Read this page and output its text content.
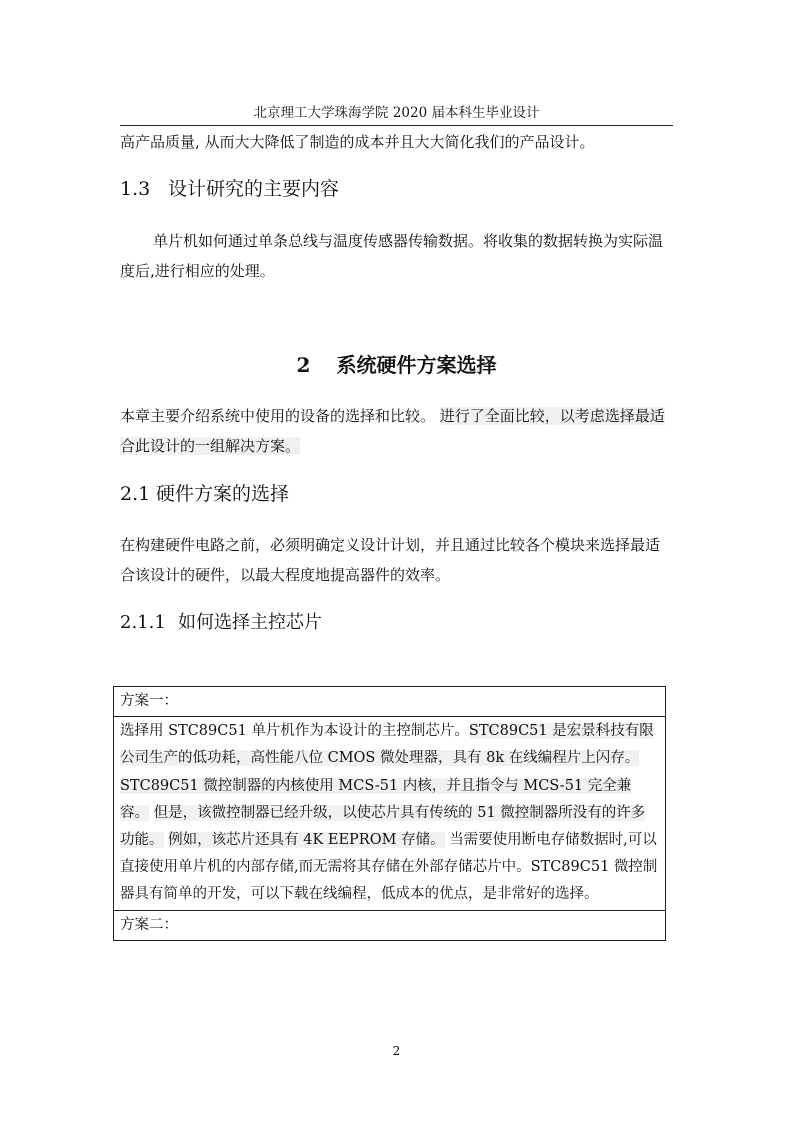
北京理工大学珠海学院 2020 届本科生毕业设计

高产品质量, 从而大大降低了制造的成本并且大大简化我们的产品设计。

1.3 设计研究的主要内容

单片机如何通过单条总线与温度传感器传输数据。将收集的数据转换为实际温度后,进行相应的处理。

2 系统硬件方案选择

本章主要介绍系统中使用的设备的选择和比较。 进行了全面比较，以考虑选择最适合此设计的一组解决方案。

2.1 硬件方案的选择

在构建硬件电路之前，必须明确定义设计计划，并且通过比较各个模块来选择最适合该设计的硬件，以最大程度地提高器件的效率。

2.1.1 如何选择主控芯片
方案一：
选择用 STC89C51 单片机作为本设计的主控制芯片。STC89C51 是宏景科技有限公司生产的低功耗，高性能八位 CMOS 微处理器，具有 8k 在线编程片上闪存。 STC89C51 微控制器的内核使用 MCS-51 内核，并且指令与 MCS-51 完全兼容。 但是，该微控制器已经升级，以使芯片具有传统的 51 微控制器所没有的许多功能。 例如，该芯片还具有 4K EEPROM 存储。 当需要使用断电存储数据时,可以直接使用单片机的内部存储,而无需将其存储在外部存储芯片中。STC89C51 微控制器具有简单的开发，可以下载在线编程，低成本的优点，是非常好的选择。
方案二：
2
